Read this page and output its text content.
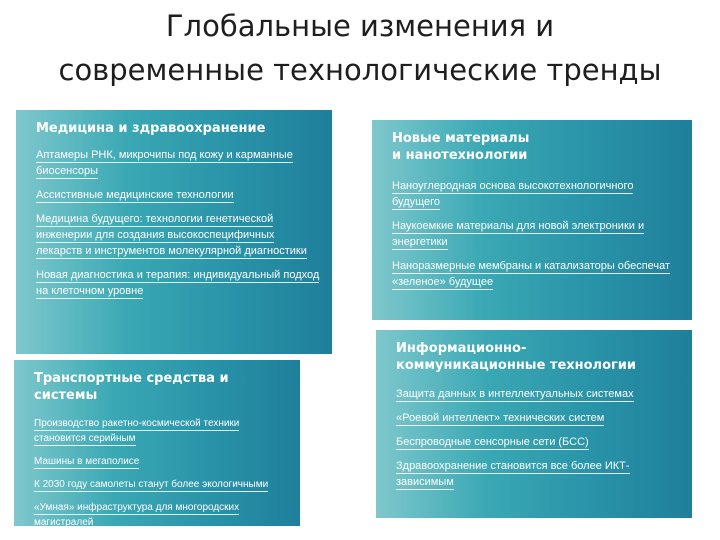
Глобальные изменения и
современные технологические тренды
Медицина и здравоохранение
Аптамеры РНК, микрочипы под кожу и карманные биосенсоры
Ассистивные медицинские технологии
Медицина будущего: технологии генетической инженерии для создания высокоспецифичных лекарств и инструментов молекулярной диагностики
Новая диагностика и терапия: индивидуальный подход на клеточном уровне
Новые материалы
и нанотехнологии
Наноуглеродная основа высокотехнологичного будущего
Наукоемкие материалы для новой электроники и энергетики
Наноразмерные мембраны и катализаторы обеспечат «зеленое» будущее
Транспортные средства и системы
Производство ракетно-космической техники становится серийным
Машины в мегаполисе
К 2030 году самолеты станут более экологичными
«Умная» инфраструктура для многородских магистралей
Информационно-
коммуникационные технологии
Защита данных в интеллектуальных системах
«Роевой интеллект» технических систем
Беспроводные сенсорные сети (БСС)
Здравоохранение становится все более ИКТ-зависимым
